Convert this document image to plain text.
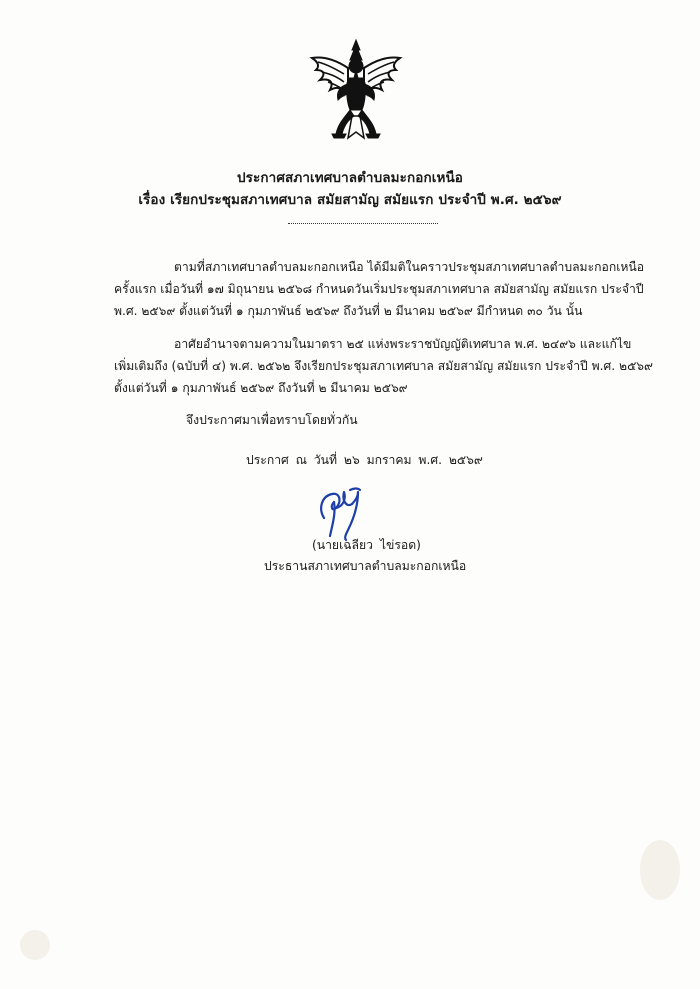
ประกาศสภาเทศบาลตำบลมะกอกเหนือ
เรื่อง เรียกประชุมสภาเทศบาล สมัยสามัญ สมัยแรก ประจำปี พ.ศ. ๒๕๖๙
ตามที่สภาเทศบาลตำบลมะกอกเหนือ ได้มีมติในคราวประชุมสภาเทศบาลตำบลมะกอกเหนือ
ครั้งแรก เมื่อวันที่ ๑๗ มิถุนายน ๒๕๖๘ กำหนดวันเริ่มประชุมสภาเทศบาล สมัยสามัญ สมัยแรก ประจำปี
พ.ศ. ๒๕๖๙ ตั้งแต่วันที่ ๑ กุมภาพันธ์ ๒๕๖๙ ถึงวันที่ ๒ มีนาคม ๒๕๖๙ มีกำหนด ๓๐ วัน นั้น
อาศัยอำนาจตามความในมาตรา ๒๕ แห่งพระราชบัญญัติเทศบาล พ.ศ. ๒๔๙๖ และแก้ไข
เพิ่มเติมถึง (ฉบับที่ ๔) พ.ศ. ๒๕๖๒ จึงเรียกประชุมสภาเทศบาล สมัยสามัญ สมัยแรก ประจำปี พ.ศ. ๒๕๖๙
ตั้งแต่วันที่ ๑ กุมภาพันธ์ ๒๕๖๙ ถึงวันที่ ๒ มีนาคม ๒๕๖๙
จึงประกาศมาเพื่อทราบโดยทั่วกัน
ประกาศ ณ วันที่ ๒๖ มกราคม พ.ศ. ๒๕๖๙
(นายเฉลียว ไข่รอด)
ประธานสภาเทศบาลตำบลมะกอกเหนือ
